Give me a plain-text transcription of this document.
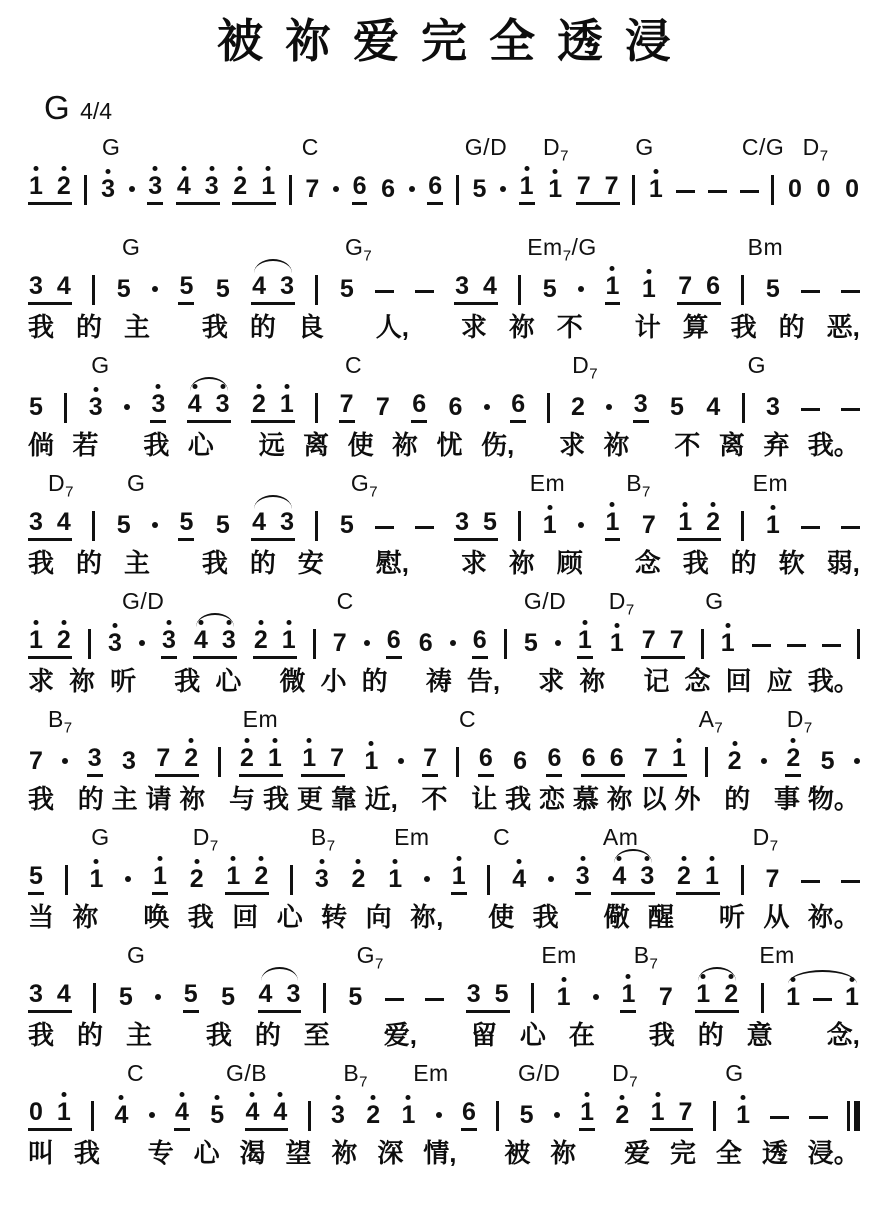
被祢爱完全透浸
G 4/4
G	C	G/D $D_7$	G	C/G $D_7$
1 2 3 3 4 3 2 1 7 6 6 6 5 1 1 7 7 1	0 0 0
G	$G_7$	$Em_7/G$	Bm
3 4 5 5 5 4 3 5	3 4 5 1 1 7 6 5
我 的 主 我 的 良 人, 求 祢 不 计 算 我 的 恶,
G	C	$D_7$	G
5 3 3 4 3 2 1 7 7 6 6 6 2 3 5 4 3
倘 若 我 心 远 离 使 祢 忧 伤, 求 祢 不 离 弃 我。
$D_7$ G	$G_7$	Em	$B_7$	Em
3 4 5 5 5 4 3 5	3 5 1 1 7 1 2 1
我 的 主 我 的 安 慰, 求 祢 顾 念 我 的 软 弱,
G/D	C	G/D $D_7$	G
1 2 3 3 4 3 2 1 7 6 6 6 5 1 1 7 7 1
求 祢 听 我 心 微 小 的 祷 告, 求 祢 记 念 回 应 我。
$B_7$	Em	C	$A_7$	$D_7$
7 3 3 7 2 2 1 1 7 1 7 6 6 6 6 6 7 1 2 2 5
我 的 主 请 祢 与 我 更 靠 近, 不 让 我 恋 慕 祢 以 外 的 事 物。
G	$D_7$	$B_7$	Em	C	Am	$D_7$
5 1 1 2 1 2 3 2 1 1 4 3 4 3 2 1 7
当 祢 唤 我 回 心 转 向 祢, 使 我 儆 醒 听 从 祢。
G	$G_7$	Em $B_7$	Em
3 4 5 5 5 4 3 5	3 5 1 1 7 1 2 1 1
我 的 主 我 的 至 爱, 留 心 在 我 的 意 念,
C	G/B	$B_7$ Em	G/D $D_7$	G
0 1 4 4 5 4 4 3 2 1 6 5 1 2 1 7 1
叫 我 专 心 渴 望 祢 深 情, 被 祢 爱 完 全 透 浸。
